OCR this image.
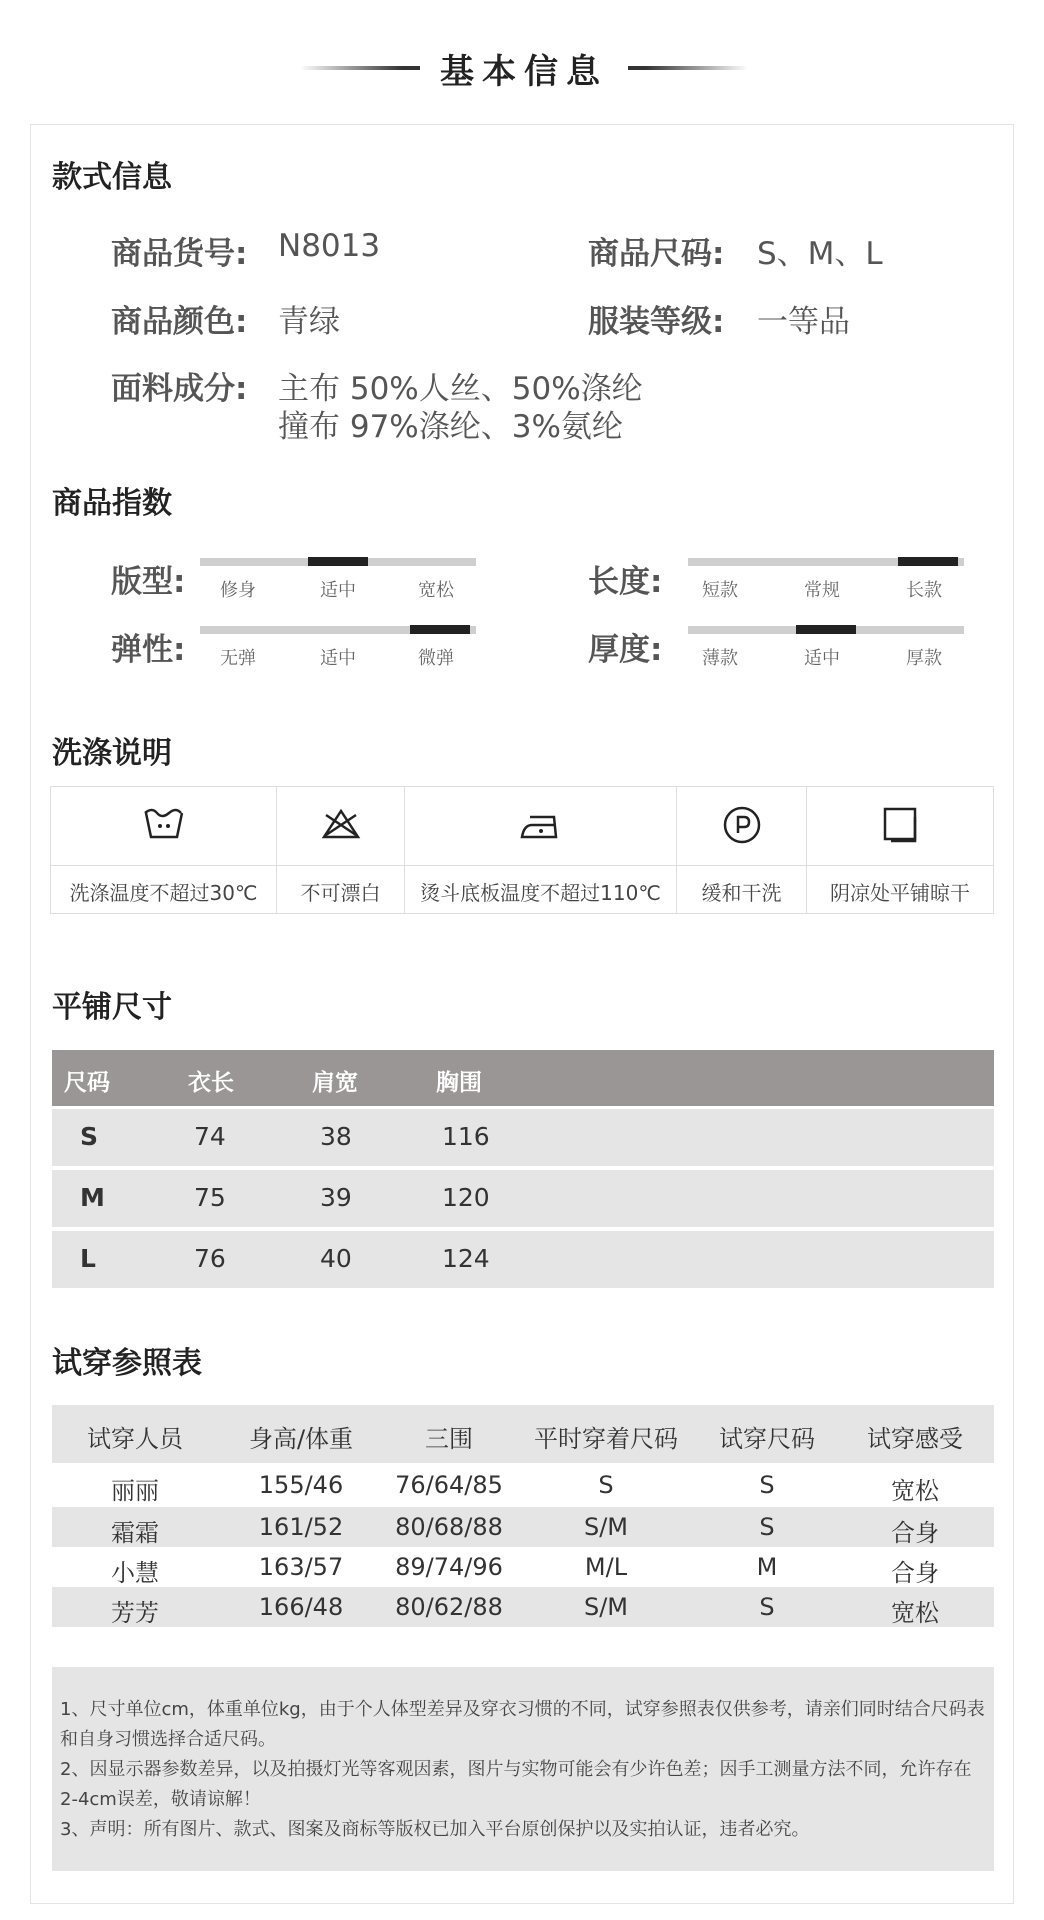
基本信息
款式信息
商品货号: N8013	商品尺码: S、M、L
商品颜色: 青绿	服装等级: 一等品
面料成分: 主布 50%人丝、50%涤纶
撞布 97%涤纶、3%氨纶
商品指数
版型:	修身	适中	宽松	长度:	短款	常规	长款
弹性:	无弹	适中	微弹	厚度:	薄款	适中	厚款
洗涤说明
洗涤温度不超过30℃	不可漂白	烫斗底板温度不超过110℃	缓和干洗	阴凉处平铺晾干
平铺尺寸
尺码	衣长	肩宽	胸围
S	74	38	116
M	75	39	120
L	76	40	124
试穿参照表
试穿人员	身高/体重	三围	平时穿着尺码	试穿尺码	试穿感受
丽丽	155/46	76/64/85	S	S	宽松
霜霜	161/52	80/68/88	S/M	S	合身
小慧	163/57	89/74/96	M/L	M	合身
芳芳	166/48	80/62/88	S/M	S	宽松
1、尺寸单位cm，体重单位kg，由于个人体型差异及穿衣习惯的不同，试穿参照表仅供参考，请亲们同时结合尺码表和自身习惯选择合适尺码。
2、因显示器参数差异，以及拍摄灯光等客观因素，图片与实物可能会有少许色差；因手工测量方法不同，允许存在2-4cm误差，敬请谅解！
3、声明：所有图片、款式、图案及商标等版权已加入平台原创保护以及实拍认证，违者必究。
